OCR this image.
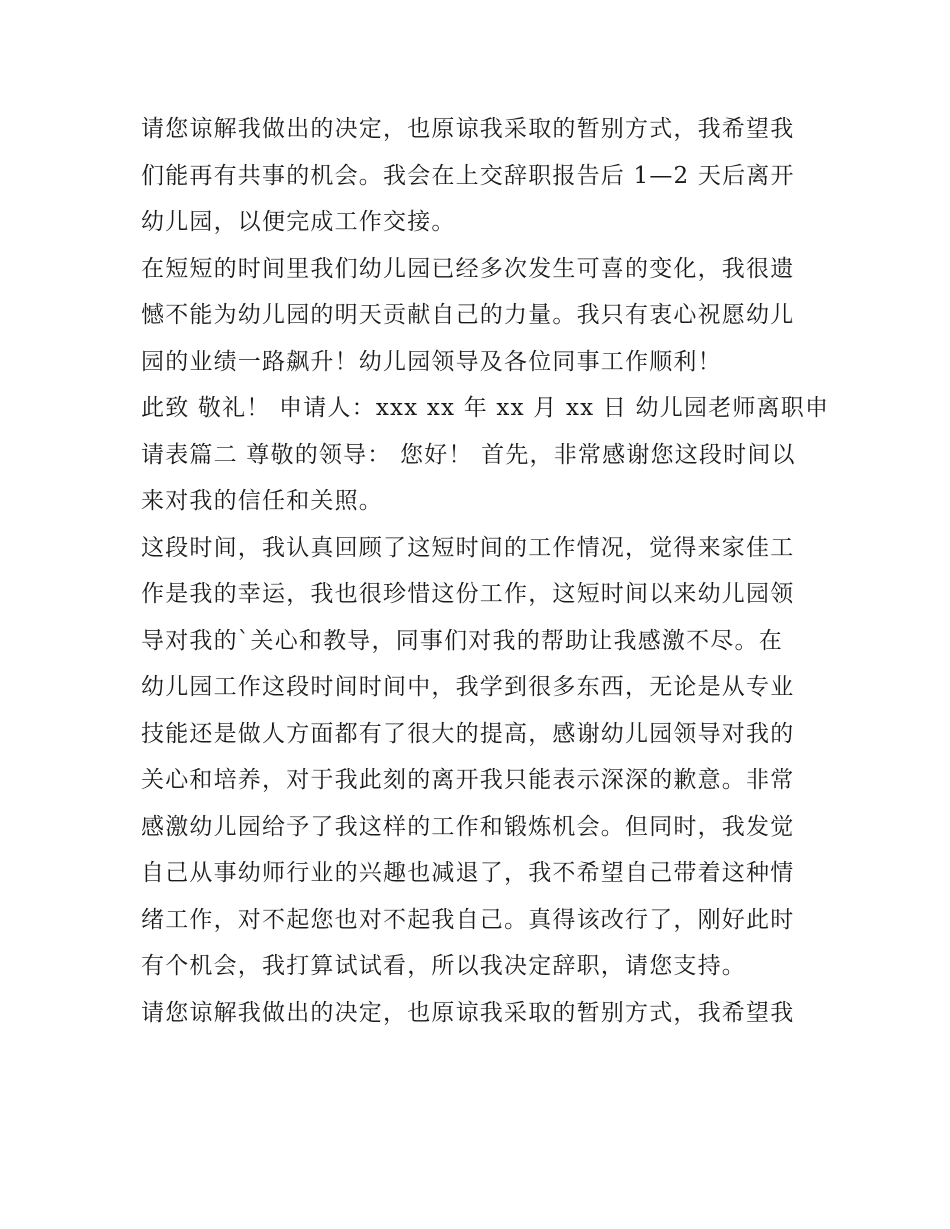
请您谅解我做出的决定，也原谅我采取的暂别方式，我希望我
们能再有共事的机会。我会在上交辞职报告后 1—2 天后离开
幼儿园，以便完成工作交接。
在短短的时间里我们幼儿园已经多次发生可喜的变化，我很遗
憾不能为幼儿园的明天贡献自己的力量。我只有衷心祝愿幼儿
园的业绩一路飙升！幼儿园领导及各位同事工作顺利！
此致 敬礼！ 申请人：xxx xx 年 xx 月 xx 日 幼儿园老师离职申
请表篇二 尊敬的领导： 您好！ 首先，非常感谢您这段时间以
来对我的信任和关照。
这段时间，我认真回顾了这短时间的工作情况，觉得来家佳工
作是我的幸运，我也很珍惜这份工作，这短时间以来幼儿园领
导对我的`关心和教导，同事们对我的帮助让我感激不尽。在
幼儿园工作这段时间时间中，我学到很多东西，无论是从专业
技能还是做人方面都有了很大的提高，感谢幼儿园领导对我的
关心和培养，对于我此刻的离开我只能表示深深的歉意。非常
感激幼儿园给予了我这样的工作和锻炼机会。但同时，我发觉
自己从事幼师行业的兴趣也减退了，我不希望自己带着这种情
绪工作，对不起您也对不起我自己。真得该改行了，刚好此时
有个机会，我打算试试看，所以我决定辞职，请您支持。
请您谅解我做出的决定，也原谅我采取的暂别方式，我希望我
